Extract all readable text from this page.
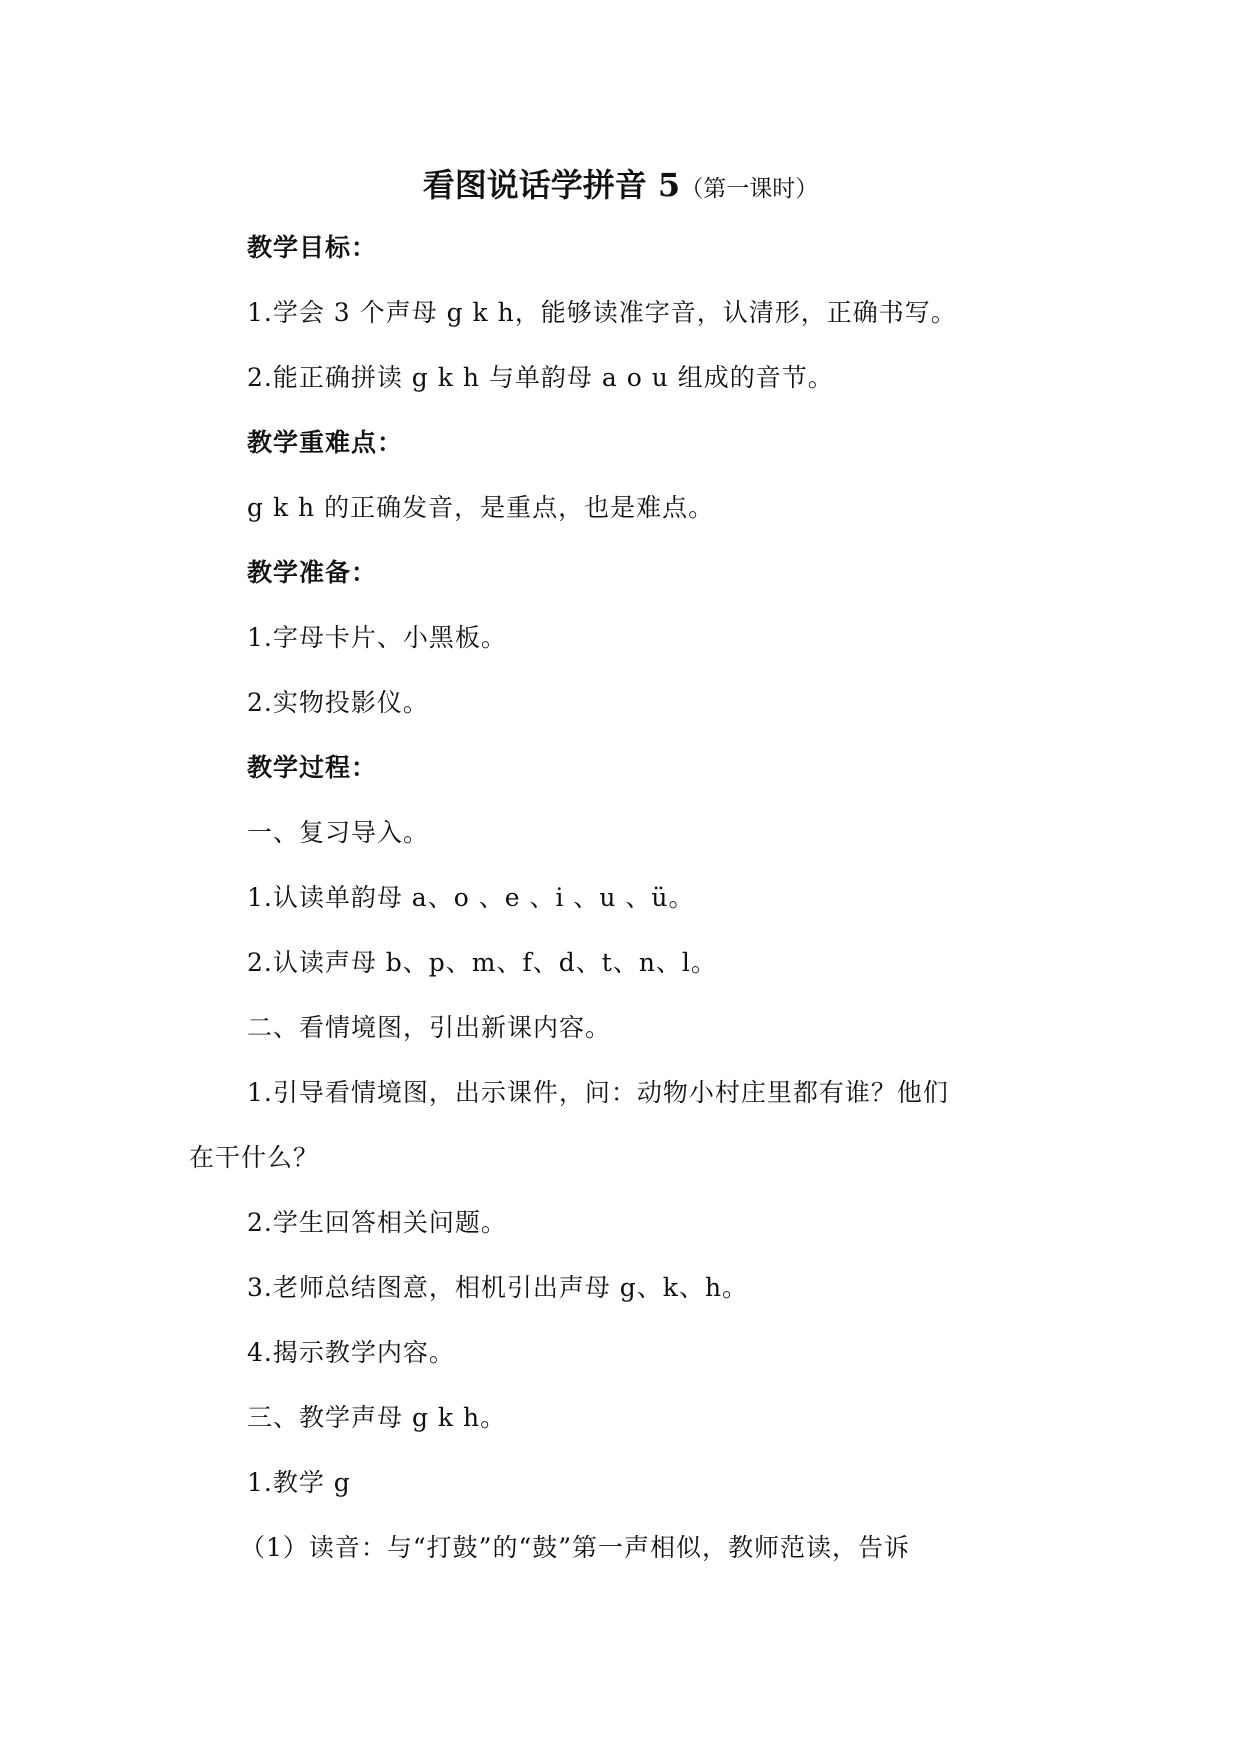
看图说话学拼音 5（第一课时）
教学目标：
1.学会 3 个声母 g k h，能够读准字音，认清形，正确书写。
2.能正确拼读 g k h 与单韵母 a o u 组成的音节。
教学重难点：
g k h 的正确发音，是重点，也是难点。
教学准备：
1.字母卡片、小黑板。
2.实物投影仪。
教学过程：
一、复习导入。
1.认读单韵母 a、o 、e 、i 、u 、ü。
2.认读声母 b、p、m、f、d、t、n、l。
二、看情境图，引出新课内容。
1.引导看情境图，出示课件，问：动物小村庄里都有谁？他们
在干什么？
2.学生回答相关问题。
3.老师总结图意，相机引出声母 g、k、h。
4.揭示教学内容。
三、教学声母 g k h。
1.教学 g
（1）读音：与“打鼓”的“鼓”第一声相似，教师范读，告诉
